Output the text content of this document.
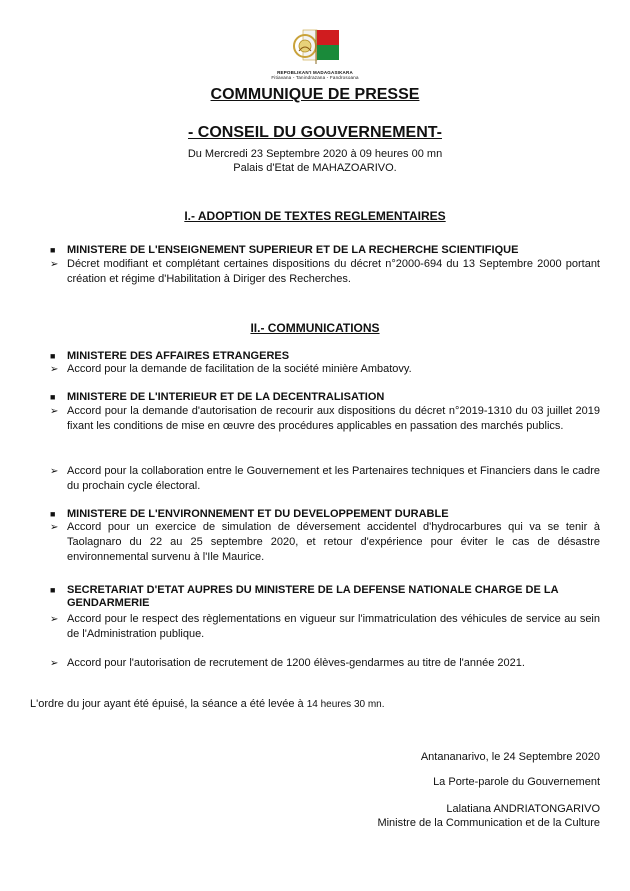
REPOBLIKAN'I MADAGASIKARA
Fitiavana - Tanindrazana - Fandrosoana
COMMUNIQUE DE PRESSE
- CONSEIL DU GOUVERNEMENT-
Du Mercredi 23 Septembre 2020 à 09 heures 00 mn
Palais d'Etat de MAHAZOARIVO.
I.- ADOPTION DE TEXTES REGLEMENTAIRES
■ MINISTERE DE L'ENSEIGNEMENT SUPERIEUR ET DE LA RECHERCHE SCIENTIFIQUE
➢ Décret modifiant et complétant certaines dispositions du décret n°2000-694 du 13 Septembre 2000 portant création et régime d'Habilitation à Diriger des Recherches.
II.- COMMUNICATIONS
■ MINISTERE DES AFFAIRES ETRANGERES
➢ Accord pour la demande de facilitation de la société minière Ambatovy.
■ MINISTERE DE L'INTERIEUR ET DE LA DECENTRALISATION
➢ Accord pour la demande d'autorisation de recourir aux dispositions du décret n°2019-1310 du 03 juillet 2019 fixant les conditions de mise en œuvre des procédures applicables en passation des marchés publics.
➢ Accord pour la collaboration entre le Gouvernement et les Partenaires techniques et Financiers dans le cadre du prochain cycle électoral.
■ MINISTERE DE L'ENVIRONNEMENT ET DU DEVELOPPEMENT DURABLE
➢ Accord pour un exercice de simulation de déversement accidentel d'hydrocarbures qui va se tenir à Taolagnaro du 22 au 25 septembre 2020, et retour d'expérience pour éviter le cas de désastre environnemental survenu à l'Ile Maurice.
■ SECRETARIAT D'ETAT AUPRES DU MINISTERE DE LA DEFENSE NATIONALE CHARGE DE LA GENDARMERIE
➢ Accord pour le respect des règlementations en vigueur sur l'immatriculation des véhicules de service au sein de l'Administration publique.
➢ Accord pour l'autorisation de recrutement de 1200 élèves-gendarmes au titre de l'année 2021.
L'ordre du jour ayant été épuisé, la séance a été levée à 14 heures 30 mn.
Antananarivo, le 24 Septembre 2020
La Porte-parole du Gouvernement
Lalatiana ANDRIATONGARIVO
Ministre de la Communication et de la Culture
